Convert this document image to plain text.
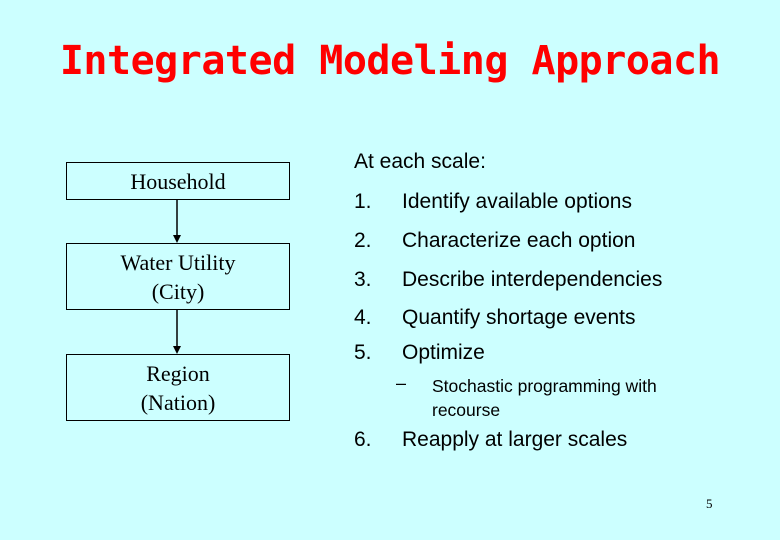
Integrated Modeling Approach
Household
Water Utility
(City)
Region
(Nation)
At each scale:
1. Identify available options
2. Characterize each option
3. Describe interdependencies
4. Quantify shortage events
5. Optimize
– Stochastic programming with
recourse
6. Reapply at larger scales
5
